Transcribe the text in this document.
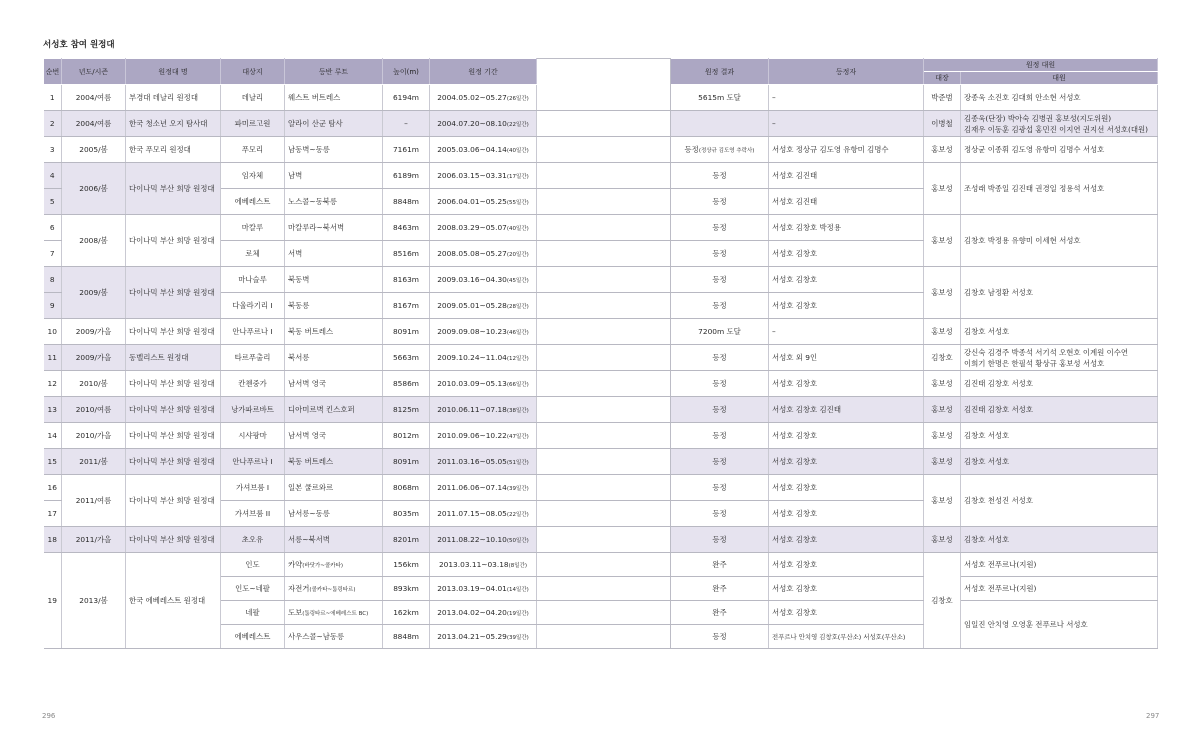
서성호 참여 원정대
순번	년도/시즌	원정대 명	대상지	등반 루트	높이(m)	원정 기간		원정 결과	등정자	원정 대원	
										대장	대원
1	2004/여름	부경대 데날리 원정대	데날리	웨스트 버트레스	6194m	2004.05.02~05.27(26일간)		5615m 도달	–	박준범	장종욱 소진호 김대희 안소현 서성호
2	2004/여름	한국 청소년 오지 탐사대	파미르고원	알라이 산군 탐사	–	2004.07.20~08.10(22일간)			–	이병철	김종욱(단장) 박아숙 김병권 홍보성(지도위원)
김재우 이동훈 김광섭 홍민진 이지연 권지선 서성호(대원)
3	2005/봄	한국 푸모리 원정대	푸모리	남동벽~동릉	7161m	2005.03.06~04.14(40일간)		등정(정상규 김도영 추락사)	서성호 정상규 김도영 유항미 김명수	홍보성	정상균 이종휘 김도영 유항미 김명수 서성호
4	2006/봄	다이나믹 부산 희망 원정대	임자체	남벽	6189m	2006.03.15~03.31(17일간)		등정	서성호 김진태	홍보성	조성래 박종일 김진태 권경일 정용석 서성호
5			에베레스트	노스콜~동북릉	8848m	2006.04.01~05.25(55일간)		등정	서성호 김진태		
6	2008/봄	다이나믹 부산 희망 원정대	마칼루	마칼루라~북서벽	8463m	2008.03.29~05.07(40일간)		등정	서성호 김창호 박정용	홍보성	김창호 박정용 유향미 이세현 서성호
7			로체	서벽	8516m	2008.05.08~05.27(20일간)		등정	서성호 김창호		
8	2009/봄	다이나믹 부산 희망 원정대	마나슬루	북동벽	8163m	2009.03.16~04.30(45일간)		등정	서성호 김창호	홍보성	김창호 남정환 서성호
9			다울라기리 I	북동릉	8167m	2009.05.01~05.28(28일간)		등정	서성호 김창호		
10	2009/가을	다이나믹 부산 희망 원정대	안나푸르나 I	북동 버트레스	8091m	2009.09.08~10.23(46일간)		7200m 도달	–	홍보성	김창호 서성호
11	2009/가을	동벨리스트 원정대	타르푸출리	북서릉	5663m	2009.10.24~11.04(12일간)		등정	서성호 외 9인	김창호	강신숙 김경주 박종석 서기석 오현호 이계원 이수연
이희기 한명은 한필석 황상규 홍보성 서성호
12	2010/봄	다이나믹 부산 희망 원정대	칸첸중가	남서벽 영국	8586m	2010.03.09~05.13(66일간)		등정	서성호 김창호	홍보성	김진태 김창호 서성호
13	2010/여름	다이나믹 부산 희망 원정대	낭가파르바트	디아미르벽 킨스호퍼	8125m	2010.06.11~07.18(38일간)		등정	서성호 김창호 김진태	홍보성	김진태 김창호 서성호
14	2010/가을	다이나믹 부산 희망 원정대	시샤팡마	남서벽 영국	8012m	2010.09.06~10.22(47일간)		등정	서성호 김창호	홍보성	김창호 서성호
15	2011/봄	다이나믹 부산 희망 원정대	안나푸르나 I	북동 버트레스	8091m	2011.03.16~05.05(51일간)		등정	서성호 김창호	홍보성	김창호 서성호
16	2011/여름	다이나믹 부산 희망 원정대	가셔브룸 I	일본 쿨르와르	8068m	2011.06.06~07.14(39일간)		등정	서성호 김창호	홍보성	김창호 천성진 서성호
17			가셔브룸 II	남서릉~동릉	8035m	2011.07.15~08.05(22일간)		등정	서성호 김창호		
18	2011/가을	다이나믹 부산 희망 원정대	초오유	서릉~북서벽	8201m	2011.08.22~10.10(50일간)		등정	서성호 김창호	홍보성	김창호 서성호
19	2013/봄	한국 에베레스트 원정대	인도	카약(바닷가~콜카타)	156km	2013.03.11~03.18(8일간)		완주	서성호 김창호	김창호	서성호 전푸르나(지원)
			인도~네팔	자전거(콜카타~툼링타르)	893km	2013.03.19~04.01(14일간)		완주	서성호 김창호		서성호 전푸르나(지원)
			네팔	도보(툼링타르~에베레스트 BC)	162km	2013.04.02~04.20(19일간)		완주	서성호 김창호		임일진 안치영 오영훈 전푸르나 서성호
			에베레스트	사우스콜~남동릉	8848m	2013.04.21~05.29(39일간)		등정	전푸르나 안치영 김창호(무산소) 서성호(무산소)		
296	297
